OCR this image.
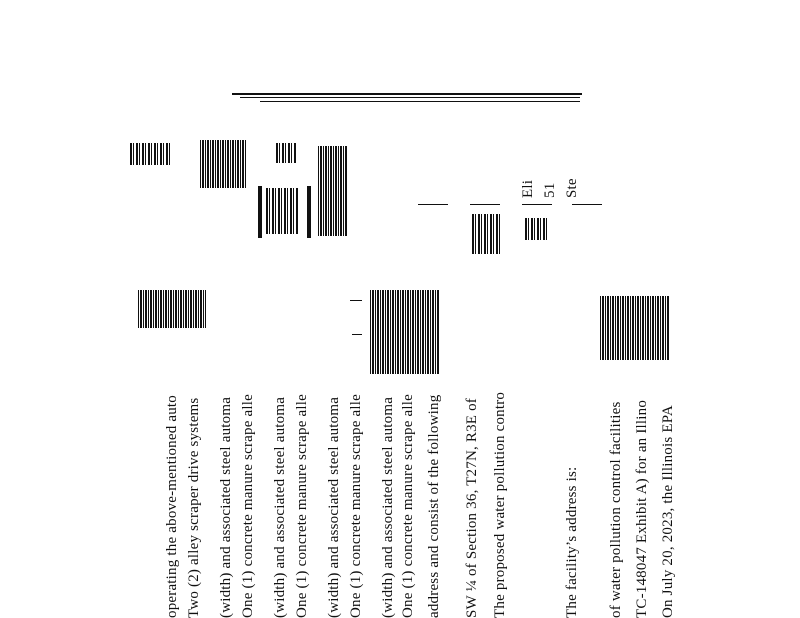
On July 20, 2023, the Illinois EPA
TC-148047 Exhibit A) for an Illino
of water pollution control facilities
The facility’s address is:
Ste
51
Eli
The proposed water pollution contro
SW ¼ of Section 36, T27N, R3E of
address and consist of the following
One (1) concrete manure scrape alle
(width) and associated steel automa
One (1) concrete manure scrape alle
(width) and associated steel automa
One (1) concrete manure scrape alle
(width) and associated steel automa
One (1) concrete manure scrape alle
(width) and associated steel automa
Two (2) alley scraper drive systems
operating the above-mentioned auto
